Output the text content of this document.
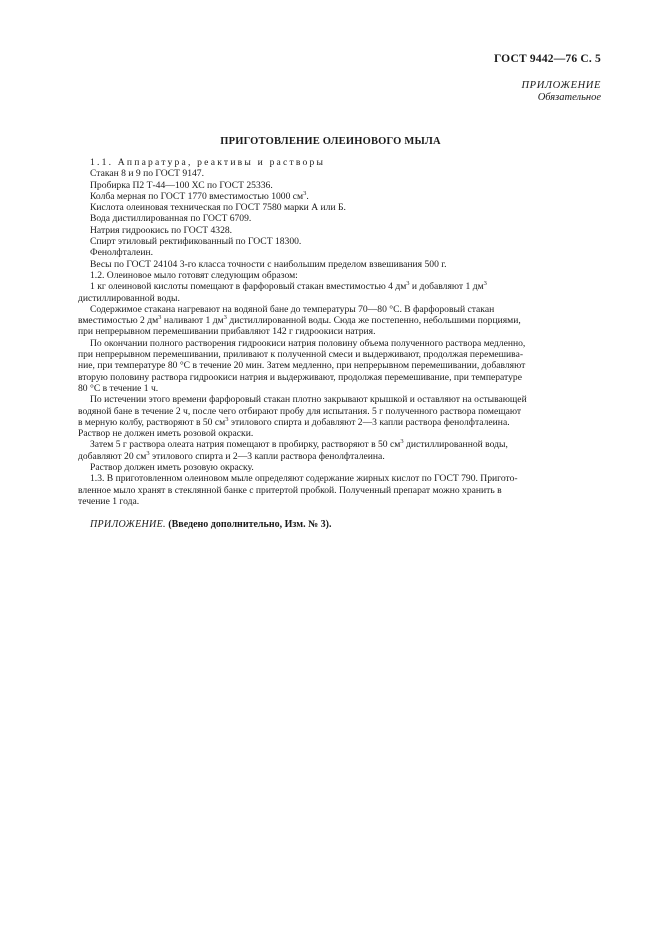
ГОСТ 9442—76 С. 5
ПРИЛОЖЕНИЕ
Обязательное
ПРИГОТОВЛЕНИЕ ОЛЕИНОВОГО МЫЛА
1.1. Аппаратура, реактивы и растворы
Стакан 8 и 9 по ГОСТ 9147.
Пробирка П2 Т-44—100 ХС по ГОСТ 25336.
Колба мерная по ГОСТ 1770 вместимостью 1000 $см^3$.
Кислота олеиновая техническая по ГОСТ 7580 марки А или Б.
Вода дистиллированная по ГОСТ 6709.
Натрия гидроокись по ГОСТ 4328.
Спирт этиловый ректификованный по ГОСТ 18300.
Фенолфталеин.
Весы по ГОСТ 24104 3-го класса точности с наибольшим пределом взвешивания 500 г.
1.2. Олеиновое мыло готовят следующим образом:
1 кг олеиновой кислоты помещают в фарфоровый стакан вместимостью 4 $дм^3$ и добавляют 1 $дм^3$
дистиллированной воды.
Содержимое стакана нагревают на водяной бане до температуры 70—80 °С. В фарфоровый стакан
вместимостью 2 $дм^3$ наливают 1 $дм^3$ дистиллированной воды. Сюда же постепенно, небольшими порциями,
при непрерывном перемешивании прибавляют 142 г гидроокиси натрия.
По окончании полного растворения гидроокиси натрия половину объема полученного раствора медленно,
при непрерывном перемешивании, приливают к полученной смеси и выдерживают, продолжая перемешива-
ние, при температуре 80 °С в течение 20 мин. Затем медленно, при непрерывном перемешивании, добавляют
вторую половину раствора гидроокиси натрия и выдерживают, продолжая перемешивание, при температуре
80 °С в течение 1 ч.
По истечении этого времени фарфоровый стакан плотно закрывают крышкой и оставляют на остывающей
водяной бане в течение 2 ч, после чего отбирают пробу для испытания. 5 г полученного раствора помещают
в мерную колбу, растворяют в 50 $см^3$ этилового спирта и добавляют 2—3 капли раствора фенолфталеина.
Раствор не должен иметь розовой окраски.
Затем 5 г раствора олеата натрия помещают в пробирку, растворяют в 50 $см^3$ дистиллированной воды,
добавляют 20 $см^3$ этилового спирта и 2—3 капли раствора фенолфталеина.
Раствор должен иметь розовую окраску.
1.3. В приготовленном олеиновом мыле определяют содержание жирных кислот по ГОСТ 790. Пригото-
вленное мыло хранят в стеклянной банке с притертой пробкой. Полученный препарат можно хранить в
течение 1 года.
ПРИЛОЖЕНИЕ. (Введено дополнительно, Изм. № 3).
